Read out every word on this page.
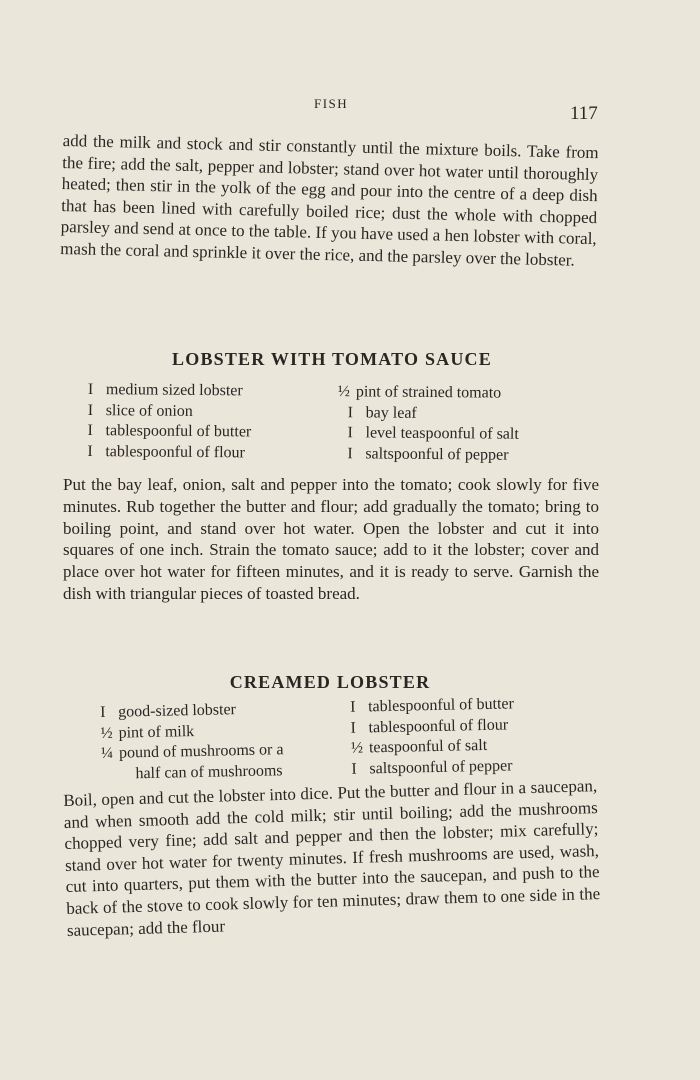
FISH	117

add the milk and stock and stir constantly until the mixture boils. Take from the fire; add the salt, pepper and lobster; stand over hot water until thoroughly heated; then stir in the yolk of the egg and pour into the centre of a deep dish that has been lined with carefully boiled rice; dust the whole with chopped parsley and send at once to the table. If you have used a hen lobster with coral, mash the coral and sprinkle it over the rice, and the parsley over the lobster.

LOBSTER WITH TOMATO SAUCE
I medium sized lobster
I slice of onion
I tablespoonful of butter
I tablespoonful of flour
½ pint of strained tomato
I bay leaf
I level teaspoonful of salt
I saltspoonful of pepper

Put the bay leaf, onion, salt and pepper into the tomato; cook slowly for five minutes. Rub together the butter and flour; add gradually the tomato; bring to boiling point, and stand over hot water. Open the lobster and cut it into squares of one inch. Strain the tomato sauce; add to it the lobster; cover and place over hot water for fifteen minutes, and it is ready to serve. Garnish the dish with triangular pieces of toasted bread.

CREAMED LOBSTER
I good-sized lobster
½ pint of milk
¼ pound of mushrooms or a
half can of mushrooms
I tablespoonful of butter
I tablespoonful of flour
½ teaspoonful of salt
I saltspoonful of pepper

Boil, open and cut the lobster into dice. Put the butter and flour in a saucepan, and when smooth add the cold milk; stir until boiling; add the mushrooms chopped very fine; add salt and pepper and then the lobster; mix carefully; stand over hot water for twenty minutes. If fresh mushrooms are used, wash, cut into quarters, put them with the butter into the saucepan, and push to the back of the stove to cook slowly for ten minutes; draw them to one side in the saucepan; add the flour
